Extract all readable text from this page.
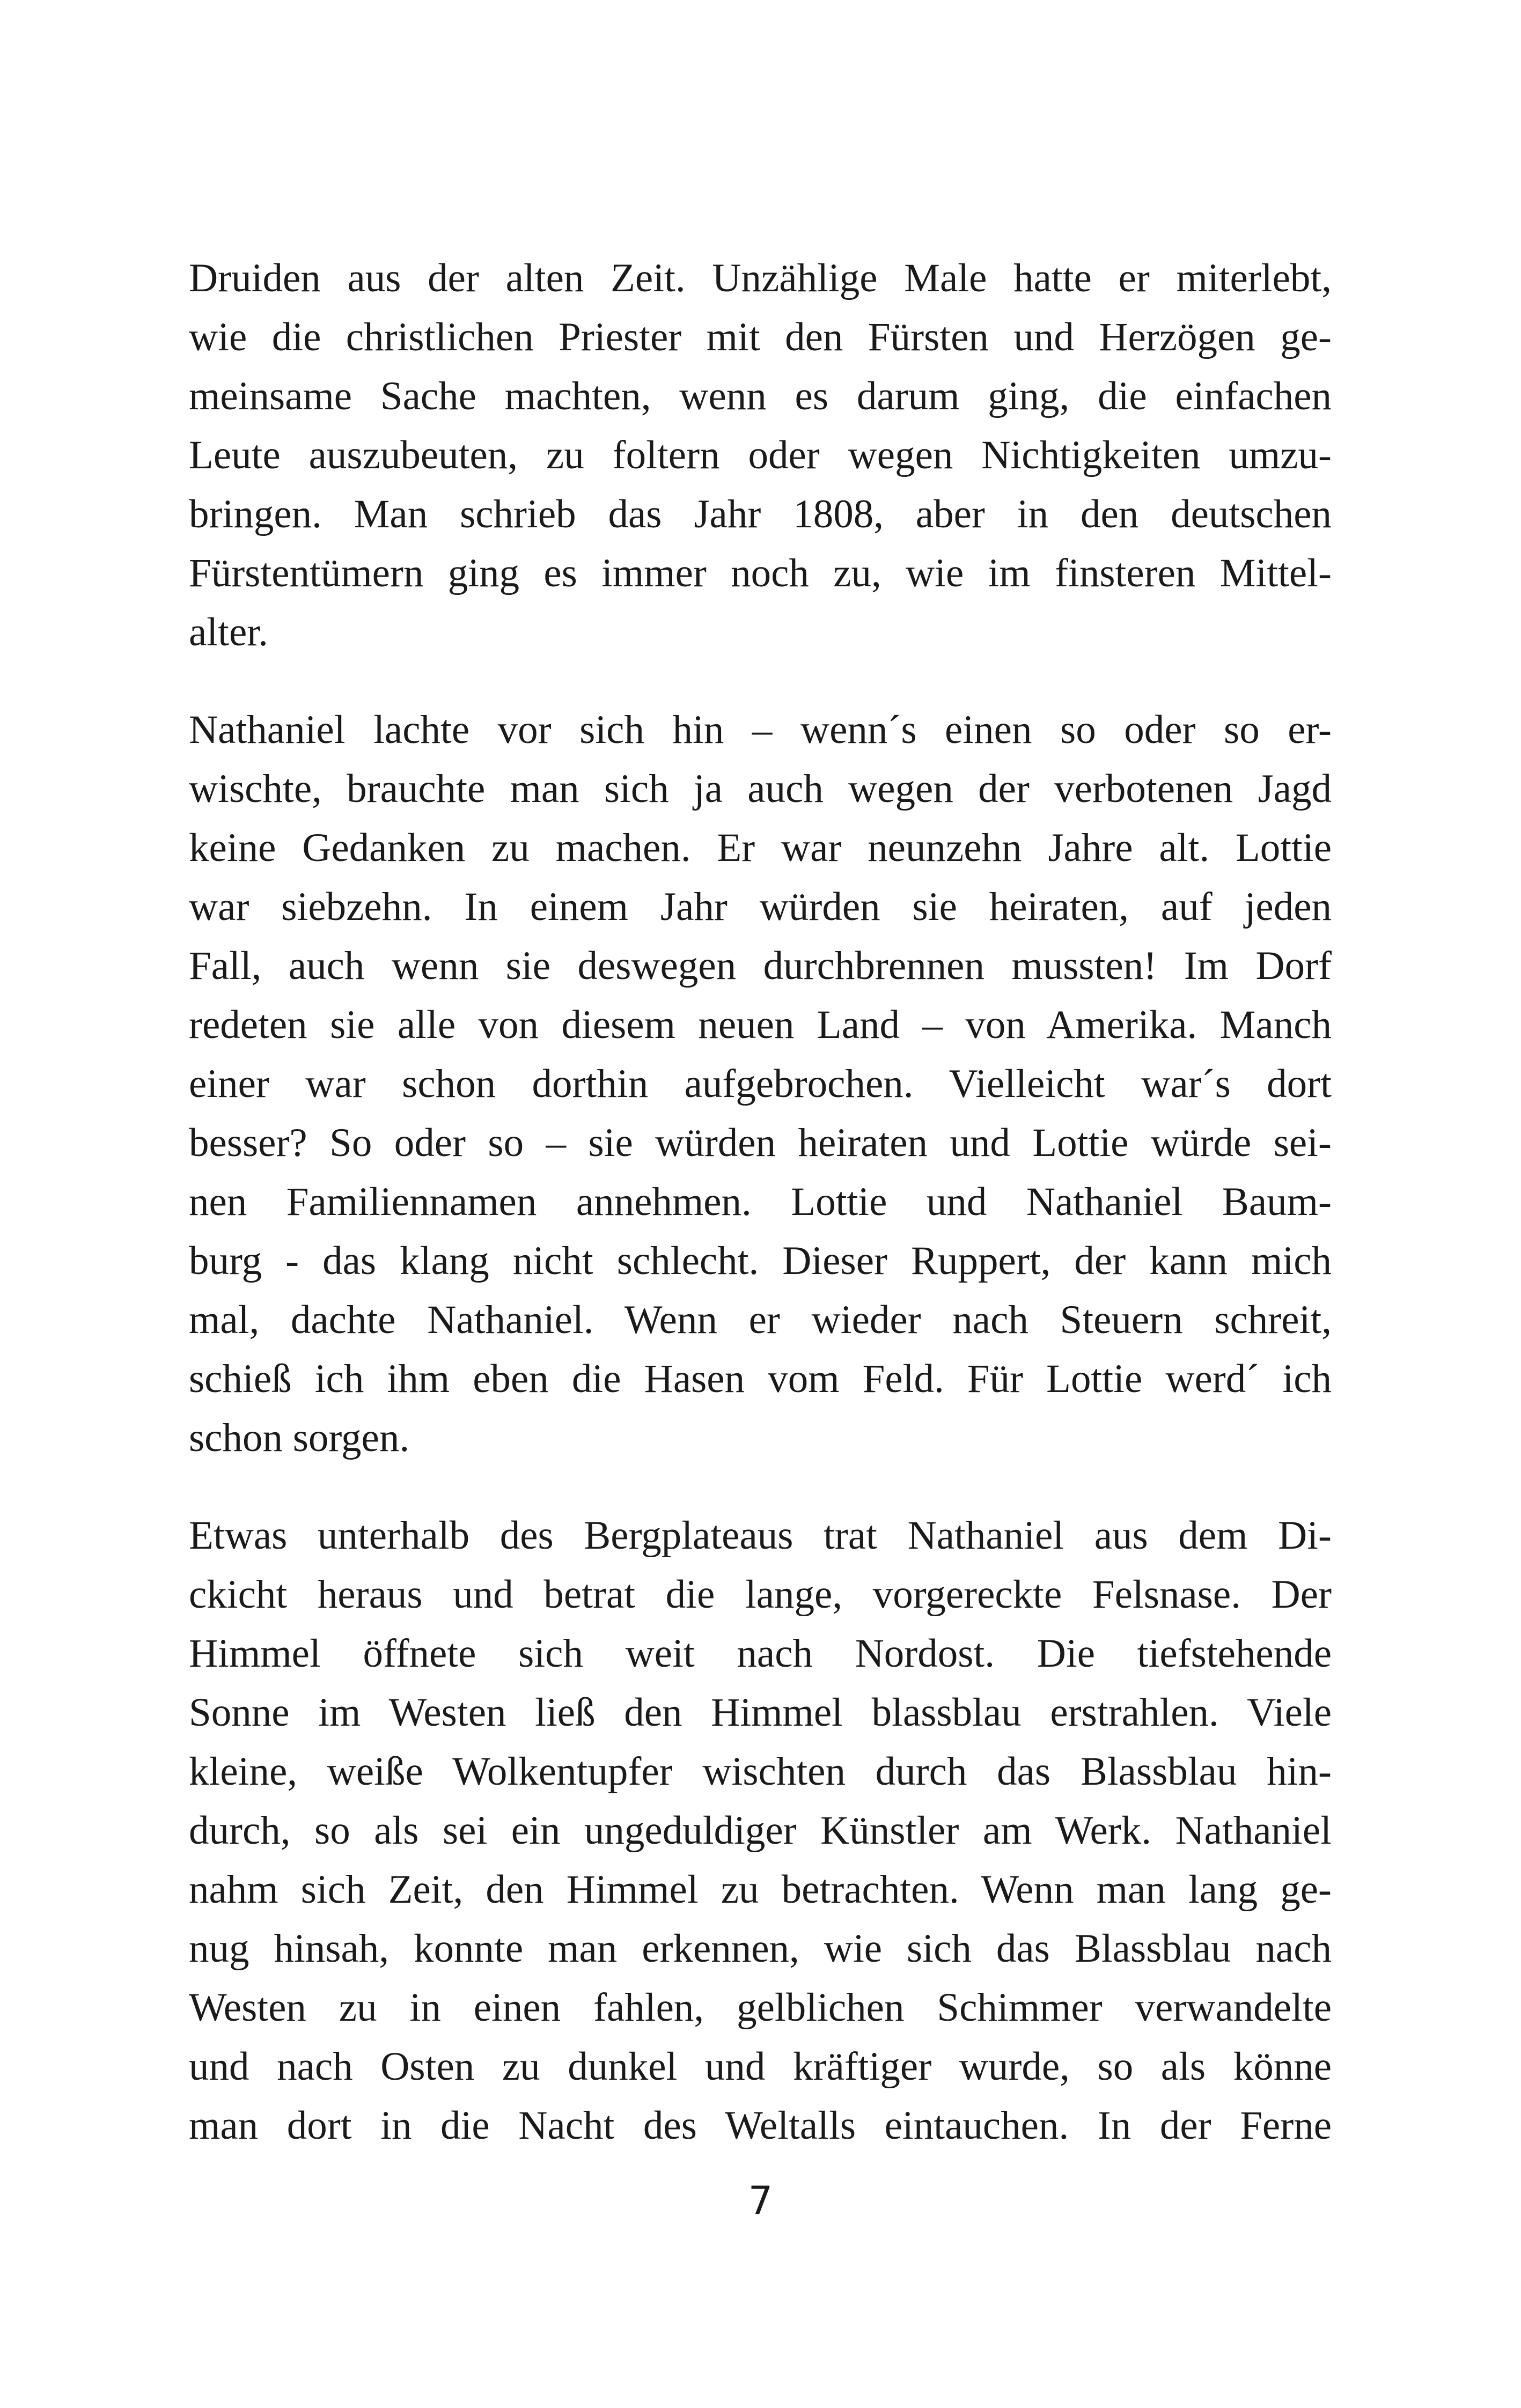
Druiden aus der alten Zeit. Unzählige Male hatte er miterlebt,
wie die christlichen Priester mit den Fürsten und Herzögen ge-
meinsame Sache machten, wenn es darum ging, die einfachen
Leute auszubeuten, zu foltern oder wegen Nichtigkeiten umzu-
bringen. Man schrieb das Jahr 1808, aber in den deutschen
Fürstentümern ging es immer noch zu, wie im finsteren Mittel-
alter.
Nathaniel lachte vor sich hin – wenn´s einen so oder so er-
wischte, brauchte man sich ja auch wegen der verbotenen Jagd
keine Gedanken zu machen. Er war neunzehn Jahre alt. Lottie
war siebzehn. In einem Jahr würden sie heiraten, auf jeden
Fall, auch wenn sie deswegen durchbrennen mussten! Im Dorf
redeten sie alle von diesem neuen Land – von Amerika. Manch
einer war schon dorthin aufgebrochen. Vielleicht war´s dort
besser? So oder so – sie würden heiraten und Lottie würde sei-
nen Familiennamen annehmen. Lottie und Nathaniel Baum-
burg - das klang nicht schlecht. Dieser Ruppert, der kann mich
mal, dachte Nathaniel. Wenn er wieder nach Steuern schreit,
schieß ich ihm eben die Hasen vom Feld. Für Lottie werd´ ich
schon sorgen.
Etwas unterhalb des Bergplateaus trat Nathaniel aus dem Di-
ckicht heraus und betrat die lange, vorgereckte Felsnase. Der
Himmel öffnete sich weit nach Nordost. Die tiefstehende
Sonne im Westen ließ den Himmel blassblau erstrahlen. Viele
kleine, weiße Wolkentupfer wischten durch das Blassblau hin-
durch, so als sei ein ungeduldiger Künstler am Werk. Nathaniel
nahm sich Zeit, den Himmel zu betrachten. Wenn man lang ge-
nug hinsah, konnte man erkennen, wie sich das Blassblau nach
Westen zu in einen fahlen, gelblichen Schimmer verwandelte
und nach Osten zu dunkel und kräftiger wurde, so als könne
man dort in die Nacht des Weltalls eintauchen. In der Ferne
7
